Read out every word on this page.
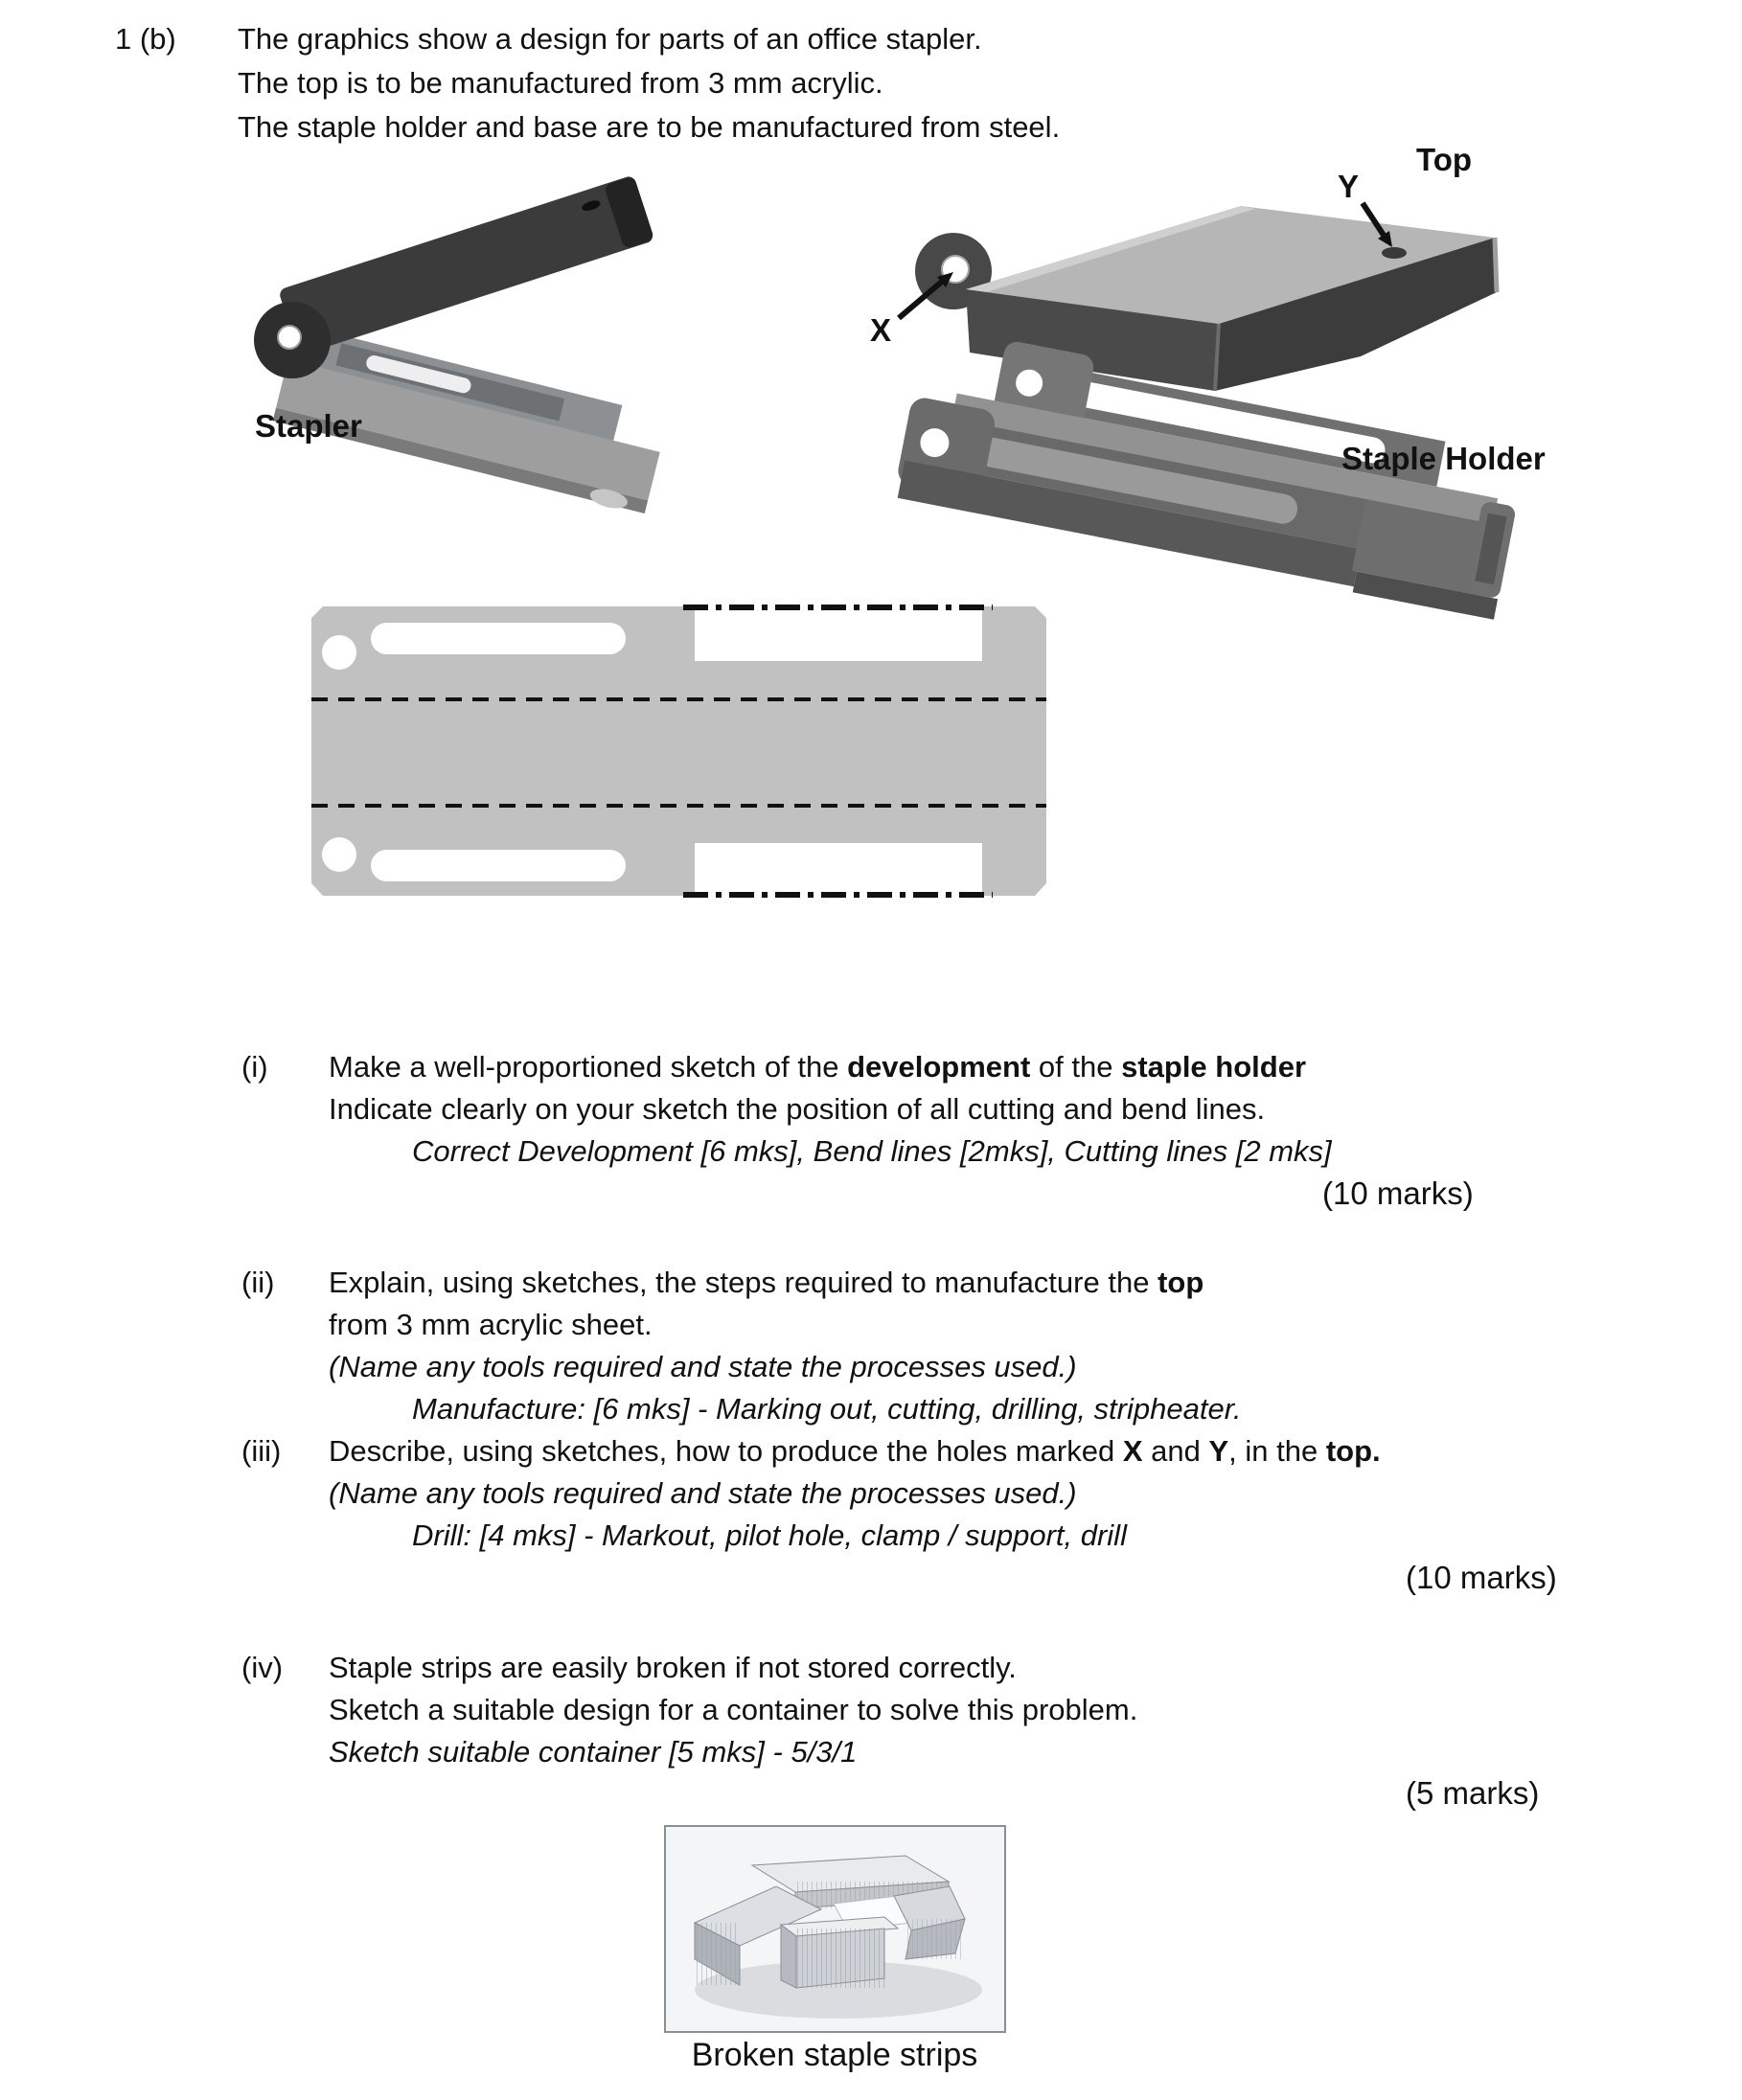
1 (b) The graphics show a design for parts of an office stapler.
The top is to be manufactured from 3 mm acrylic.
The staple holder and base are to be manufactured from steel.
Stapler
Top
Y
X
Staple Holder
(i) Make a well-proportioned sketch of the development of the staple holder
Indicate clearly on your sketch the position of all cutting and bend lines.
Correct Development [6 mks], Bend lines [2mks], Cutting lines [2 mks]
(10 marks)
(ii) Explain, using sketches, the steps required to manufacture the top
from 3 mm acrylic sheet.
(Name any tools required and state the processes used.)
Manufacture: [6 mks] - Marking out, cutting, drilling, stripheater.
(iii) Describe, using sketches, how to produce the holes marked X and Y, in the top.
(Name any tools required and state the processes used.)
Drill: [4 mks] - Markout, pilot hole, clamp / support, drill
(10 marks)
(iv) Staple strips are easily broken if not stored correctly.
Sketch a suitable design for a container to solve this problem.
Sketch suitable container [5 mks] - 5/3/1
(5 marks)
Broken staple strips
